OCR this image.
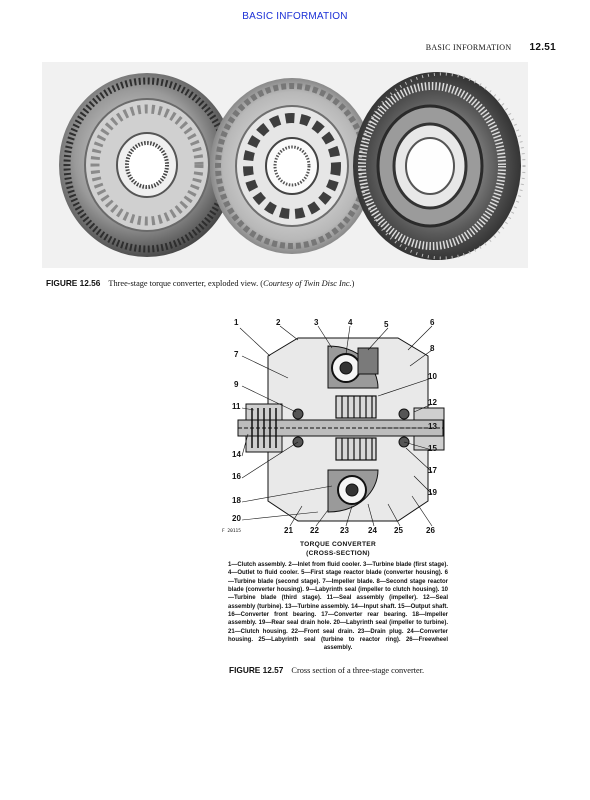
BASIC INFORMATION
BASIC INFORMATION 12.51
FIGURE 12.56 Three-stage torque converter, exploded view. (Courtesy of Twin Disc Inc.)
1	2	3	4	5	6
7
8
9
10
11	12
13
14
15
16
17
18
19
20
21 22	23 24 25	26
F 20115
TORQUE CONVERTER
(CROSS-SECTION)
1—Clutch assembly. 2—Inlet from fluid cooler. 3—Turbine blade (first stage). 4—Outlet to fluid cooler. 5—First stage reactor blade (converter housing). 6—Turbine blade (second stage). 7—Impeller blade. 8—Second stage reactor blade (converter housing). 9—Labyrinth seal (impeller to clutch housing). 10—Turbine blade (third stage). 11—Seal assembly (impeller). 12—Seal assembly (turbine). 13—Turbine assembly. 14—Input shaft. 15—Output shaft. 16—Converter front bearing. 17—Converter rear bearing. 18—Impeller assembly. 19—Rear seal drain hole. 20—Labyrinth seal (impeller to turbine). 21—Clutch housing. 22—Front seal drain. 23—Drain plug. 24—Converter housing. 25—Labyrinth seal (turbine to reactor ring). 26—Freewheel assembly.
FIGURE 12.57 Cross section of a three-stage converter.
